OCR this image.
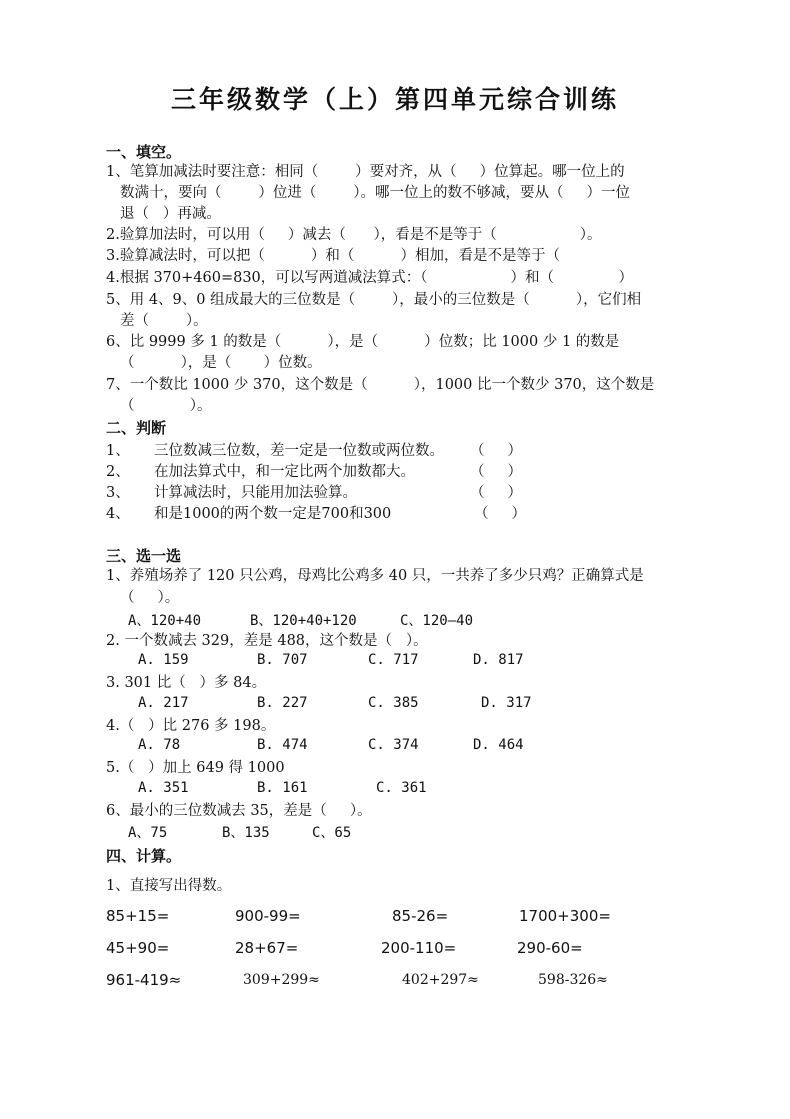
三年级数学（上）第四单元综合训练
一、填空。
1、笔算加减法时要注意：相同（        ）要对齐，从（     ）位算起。哪一位上的
数满十，要向（        ）位进（        ）。哪一位上的数不够减，要从（     ）一位
退（   ）再减。
2.验算加法时，可以用（     ）减去（      ），看是不是等于（                  ）。
3.验算减法时，可以把（          ）和（          ）相加，看是不是等于（
4.根据 370+460=830，可以写两道减法算式：（                  ）和（              ）
5、用 4、9、0 组成最大的三位数是（        ），最小的三位数是（          ），它们相
差（        ）。
6、比 9999 多 1 的数是（          ），是（          ）位数；比 1000 少 1 的数是
（          ），是（       ）位数。
7、一个数比 1000 少 370，这个数是（          ），1000 比一个数少 370，这个数是
（            ）。
二、判断
1、 三位数减三位数，差一定是一位数或两位数。 （     ）
2、 在加法算式中，和一定比两个加数都大。	（     ）
3、 计算减法时，只能用加法验算。	（     ）
4、 和是1000的两个数一定是700和300	（     ）
三、选一选
1、养殖场养了 120 只公鸡，母鸡比公鸡多 40 只，一共养了多少只鸡？正确算式是
（     ）。
A、120+40	B、120+40+120	C、120—40
2. 一个数减去 329，差是 488，这个数是（   ）。
A. 159	B. 707	C. 717	D. 817
3. 301 比（   ）多 84。
A. 217	B. 227	C. 385	D. 317
4.（   ）比 276 多 198。
A. 78	B. 474	C. 374	D. 464
5.（   ）加上 649 得 1000
A. 351	B. 161	C. 361
6、最小的三位数减去 35，差是（     ）。
A、75	B、135	C、65
四、计算。
1、直接写出得数。
85+15=	900-99=	85-26=	1700+300=
45+90=	28+67=	200-110=	290-60=
961-419≈	309+299≈	402+297≈	598-326≈
